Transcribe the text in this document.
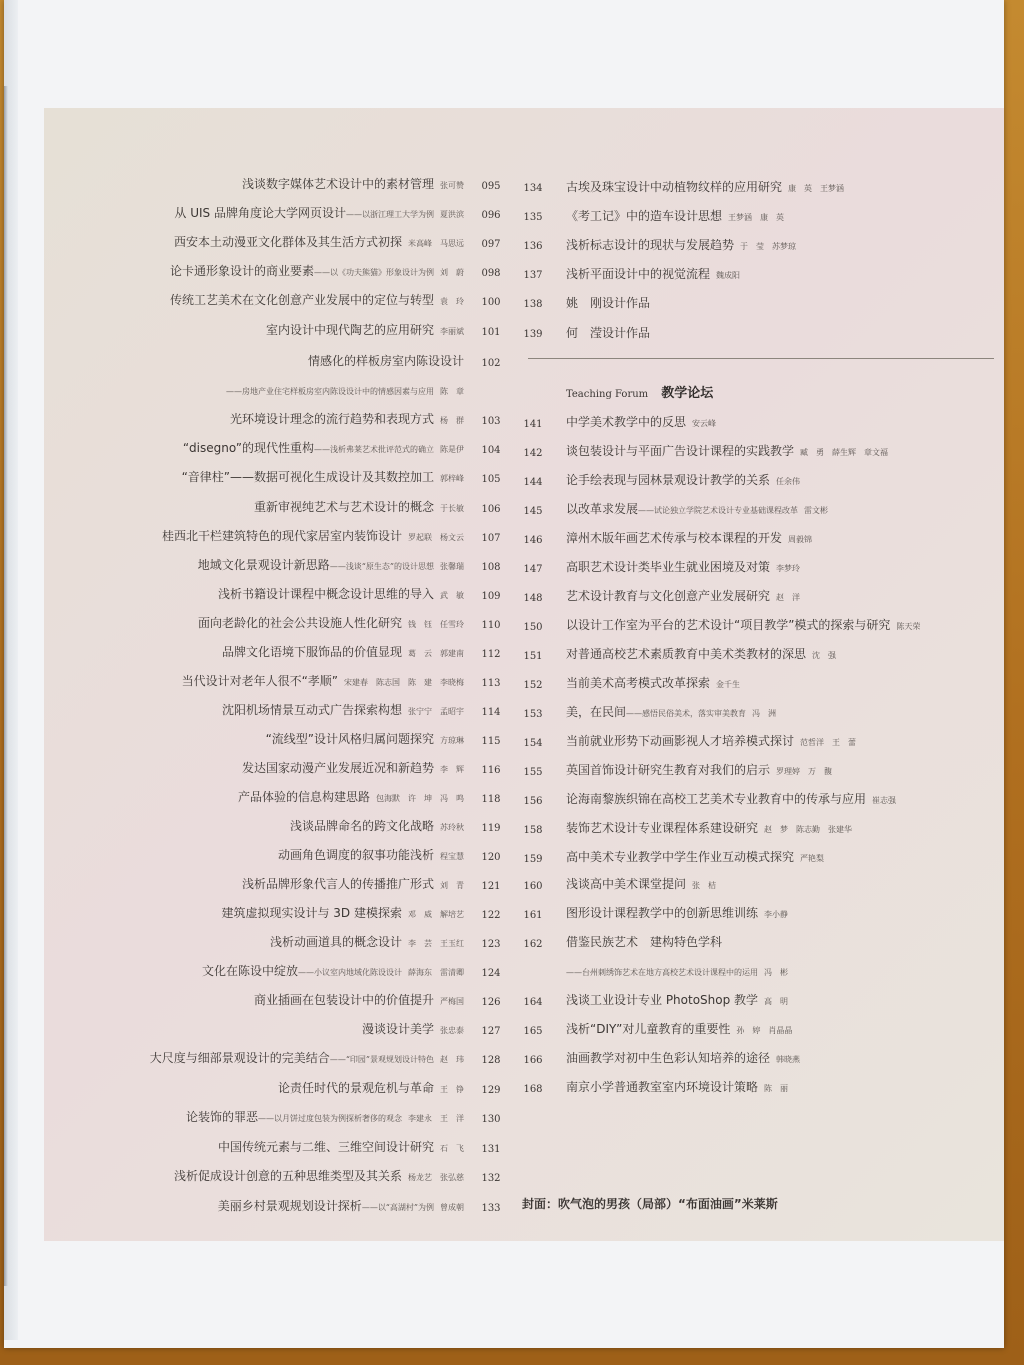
浅谈数字媒体艺术设计中的素材管理 张可赞	095
从 UIS 品牌角度论大学网页设计——以浙江理工大学为例 夏洪滨	096
西安本土动漫亚文化群体及其生活方式初探 米高峰　马思远	097
论卡通形象设计的商业要素——以《功夫熊猫》形象设计为例 刘　蔚	098
传统工艺美术在文化创意产业发展中的定位与转型 袁　玲	100
室内设计中现代陶艺的应用研究 李丽斌	101
情感化的样板房室内陈设设计	102
——房地产业住宅样板房室内陈设设计中的情感因素与应用 陈　章
光环境设计理念的流行趋势和表现方式 杨　群	103
“disegno”的现代性重构——浅析弗莱艺术批评范式的确立 陈是伊	104
“音律柱”——数据可视化生成设计及其数控加工 郭梓峰	105
重新审视纯艺术与艺术设计的概念 于长敏	106
桂西北干栏建筑特色的现代家居室内装饰设计 罗起联　杨文云	107
地域文化景观设计新思路——浅谈“原生态”的设计思想 张馨瑞	108
浅析书籍设计课程中概念设计思维的导入 武　敏	109
面向老龄化的社会公共设施人性化研究 钱　钰　任雪玲	110
品牌文化语境下服饰品的价值显现 葛　云　郭建南	112
当代设计对老年人很不“孝顺” 宋建春　陈志国　陈　建　李晓梅	113
沈阳机场情景互动式广告探索构想 张宁宁　孟昭宇	114
“流线型”设计风格归属问题探究 方琼琳	115
发达国家动漫产业发展近况和新趋势 李　辉	116
产品体验的信息构建思路 包海默　许　坤　冯　鸣	118
浅谈品牌命名的跨文化战略 苏玲秋	119
动画角色调度的叙事功能浅析 程宝慧	120
浅析品牌形象代言人的传播推广形式 刘　青	121
建筑虚拟现实设计与 3D 建模探索 邓　威　解培艺	122
浅析动画道具的概念设计 李　芸　王玉红	123
文化在陈设中绽放——小议室内地域化陈设设计 薛海东　雷清卿	124
商业插画在包装设计中的价值提升 严梅国	126
漫谈设计美学 张忠泰	127
大尺度与细部景观设计的完美结合——“印园”景观规划设计特色 赵　玮	128
论责任时代的景观危机与革命 王　铮	129
论装饰的罪恶——以月饼过度包装为例探析奢侈的观念 李建永　王　洋	130
中国传统元素与二维、三维空间设计研究 石　飞	131
浅析促成设计创意的五种思维类型及其关系 杨龙艺　张弘慈	132
美丽乡村景观规划设计探析——以“高湖村”为例 曾成朝	133
134	古埃及珠宝设计中动植物纹样的应用研究 康　英　王梦涵
135	《考工记》中的造车设计思想 王梦涵　康　英
136	浅析标志设计的现状与发展趋势 于　莹　苏梦琼
137	浅析平面设计中的视觉流程 魏成阳
138	姚　刚设计作品
139	何　滢设计作品
141	中学美术教学中的反思 安云峰
142	谈包装设计与平面广告设计课程的实践教学 臧　勇　薛生辉　章文福
144	论手绘表现与园林景观设计教学的关系 任余伟
145	以改革求发展——试论独立学院艺术设计专业基础课程改革 雷文彬
146	漳州木版年画艺术传承与校本课程的开发 周毅锦
147	高职艺术设计类毕业生就业困境及对策 李梦玲
148	艺术设计教育与文化创意产业发展研究 赵　洋
150	以设计工作室为平台的艺术设计“项目教学”模式的探索与研究 陈天荣
151	对普通高校艺术素质教育中美术类教材的深思 沈　强
152	当前美术高考模式改革探索 金千生
153	美，在民间——感悟民俗美术，落实审美教育 冯　洲
154	当前就业形势下动画影视人才培养模式探讨 范哲洋　王　蕾
155	英国首饰设计研究生教育对我们的启示 罗理婷　万　馥
156	论海南黎族织锦在高校工艺美术专业教育中的传承与应用 崔志强
158	装饰艺术设计专业课程体系建设研究 赵　梦　陈志勤　张建华
159	高中美术专业教学中学生作业互动模式探究 严艳梨
160	浅谈高中美术课堂提问 张　桔
161	图形设计课程教学中的创新思维训练 李小静
162	借鉴民族艺术　建构特色学科
——台州刺绣饰艺术在地方高校艺术设计课程中的运用 冯　彬
164	浅谈工业设计专业 PhotoShop 教学 高　明
165	浅析“DIY”对儿童教育的重要性 孙　婷　肖晶晶
166	油画教学对初中生色彩认知培养的途径 韩晓燕
168	南京小学普通教室室内环境设计策略 陈　丽
Teaching Forum 教学论坛
封面：吹气泡的男孩（局部）“布面油画”米莱斯
